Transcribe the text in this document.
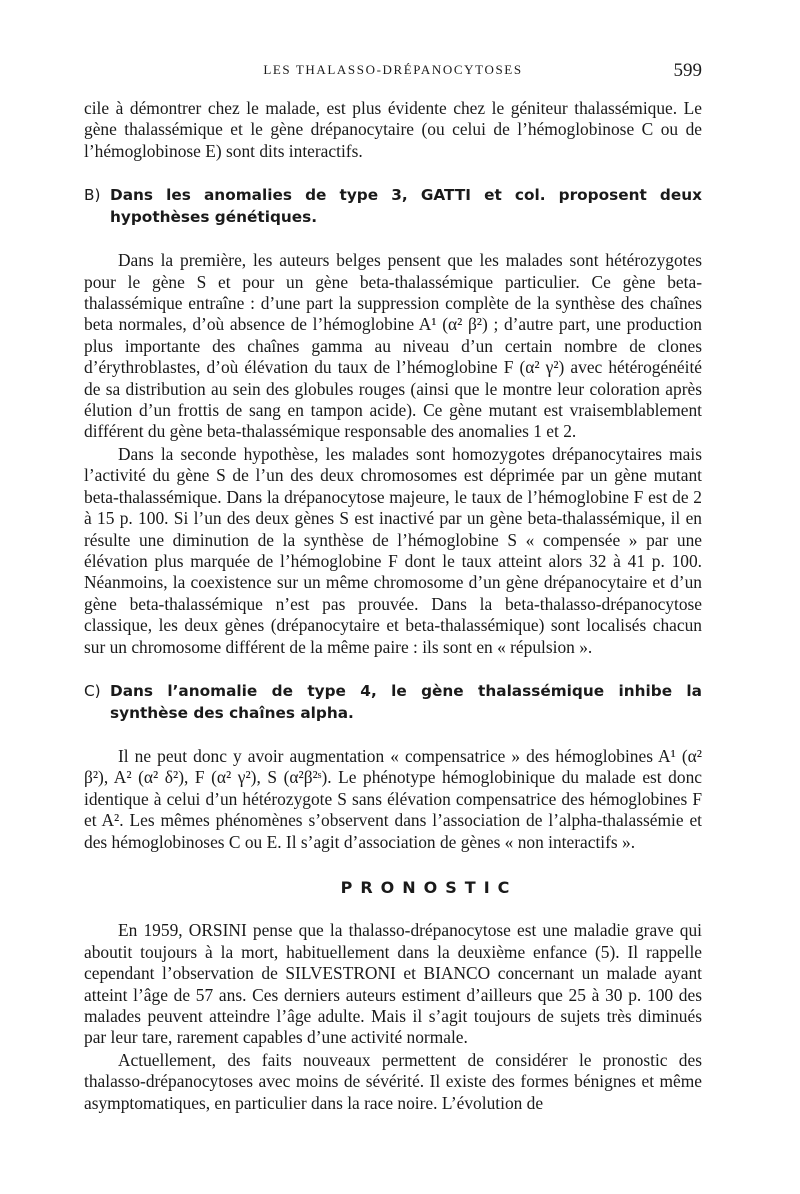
LES THALASSO-DRÉPANOCYTOSES	599

cile à démontrer chez le malade, est plus évidente chez le géniteur thalassémique. Le gène thalassémique et le gène drépanocytaire (ou celui de l’hémoglobinose C ou de l’hémoglobinose E) sont dits interactifs.

B) Dans les anomalies de type 3, GATTI et col. proposent deux hypothèses génétiques.

Dans la première, les auteurs belges pensent que les malades sont hétérozygotes pour le gène S et pour un gène beta-thalassémique particulier. Ce gène beta-thalassémique entraîne : d’une part la suppression complète de la synthèse des chaînes beta normales, d’où absence de l’hémoglobine A¹ (α² β²) ; d’autre part, une production plus importante des chaînes gamma au niveau d’un certain nombre de clones d’érythroblastes, d’où élévation du taux de l’hémoglobine F (α² γ²) avec hétérogénéité de sa distribution au sein des globules rouges (ainsi que le montre leur coloration après élution d’un frottis de sang en tampon acide). Ce gène mutant est vraisemblablement différent du gène beta-thalassémique responsable des anomalies 1 et 2.

Dans la seconde hypothèse, les malades sont homozygotes drépanocytaires mais l’activité du gène S de l’un des deux chromosomes est déprimée par un gène mutant beta-thalassémique. Dans la drépanocytose majeure, le taux de l’hémoglobine F est de 2 à 15 p. 100. Si l’un des deux gènes S est inactivé par un gène beta-thalassémique, il en résulte une diminution de la synthèse de l’hémoglobine S « compensée » par une élévation plus marquée de l’hémoglobine F dont le taux atteint alors 32 à 41 p. 100. Néanmoins, la coexistence sur un même chromosome d’un gène drépanocytaire et d’un gène beta-thalassémique n’est pas prouvée. Dans la beta-thalasso-drépanocytose classique, les deux gènes (drépanocytaire et beta-thalassémique) sont localisés chacun sur un chromosome différent de la même paire : ils sont en « répulsion ».

C) Dans l’anomalie de type 4, le gène thalassémique inhibe la synthèse des chaînes alpha.

Il ne peut donc y avoir augmentation « compensatrice » des hémoglobines A¹ (α² β²), A² (α² δ²), F (α² γ²), S (α²β²ˢ). Le phénotype hémoglobinique du malade est donc identique à celui d’un hétérozygote S sans élévation compensatrice des hémoglobines F et A². Les mêmes phénomènes s’observent dans l’association de l’alpha-thalassémie et des hémoglobinoses C ou E. Il s’agit d’association de gènes « non interactifs ».

PRONOSTIC

En 1959, ORSINI pense que la thalasso-drépanocytose est une maladie grave qui aboutit toujours à la mort, habituellement dans la deuxième enfance (5). Il rappelle cependant l’observation de SILVESTRONI et BIANCO concernant un malade ayant atteint l’âge de 57 ans. Ces derniers auteurs estiment d’ailleurs que 25 à 30 p. 100 des malades peuvent atteindre l’âge adulte. Mais il s’agit toujours de sujets très diminués par leur tare, rarement capables d’une activité normale.

Actuellement, des faits nouveaux permettent de considérer le pronostic des thalasso-drépanocytoses avec moins de sévérité. Il existe des formes bénignes et même asymptomatiques, en particulier dans la race noire. L’évolution de
